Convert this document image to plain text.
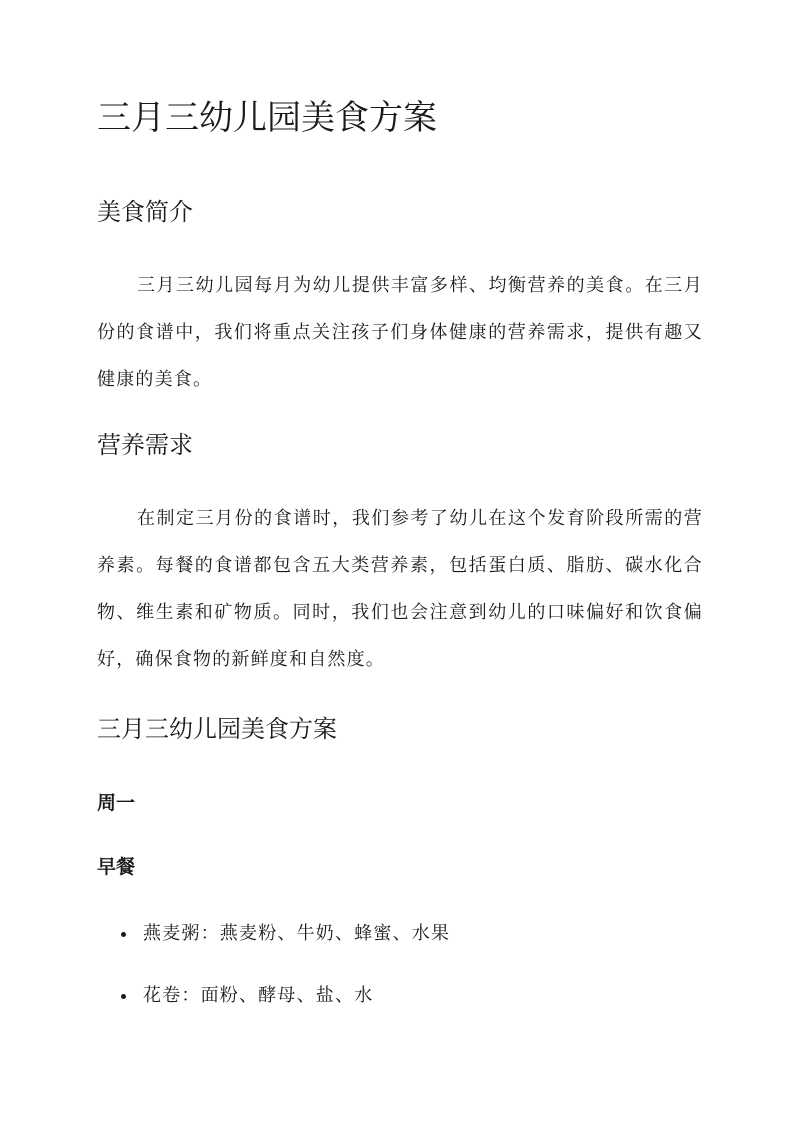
三月三幼儿园美食方案
美食简介

三月三幼儿园每月为幼儿提供丰富多样、均衡营养的美食。在三月份的食谱中，我们将重点关注孩子们身体健康的营养需求，提供有趣又健康的美食。

营养需求

在制定三月份的食谱时，我们参考了幼儿在这个发育阶段所需的营养素。每餐的食谱都包含五大类营养素，包括蛋白质、脂肪、碳水化合物、维生素和矿物质。同时，我们也会注意到幼儿的口味偏好和饮食偏好，确保食物的新鲜度和自然度。

三月三幼儿园美食方案
周一
早餐
燕麦粥：燕麦粉、牛奶、蜂蜜、水果
花卷：面粉、酵母、盐、水
